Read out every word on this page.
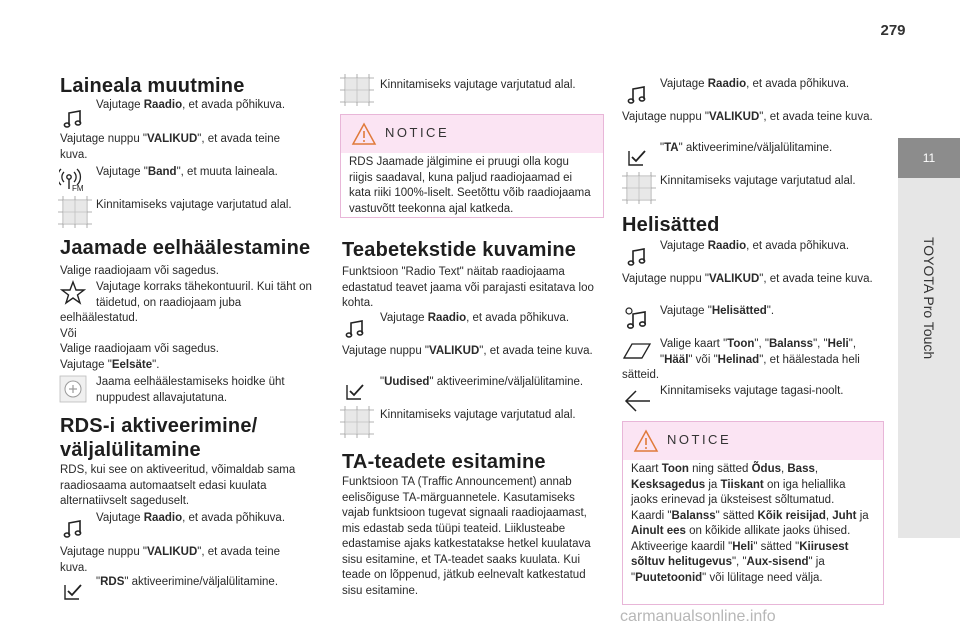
279
11
TOYOTA Pro Touch
Laineala muutmine
Vajutage Raadio, et avada põhikuva.
Vajutage nuppu "VALIKUD", et avada teine kuva.
FM
Vajutage "Band", et muuta laineala.
Kinnitamiseks vajutage varjutatud alal.
Jaamade eelhäälestamine
Valige raadiojaam või sagedus.
Vajutage korraks tähekontuuril. Kui täht on täidetud, on raadiojaam juba
eelhäälestatud.
Või
Valige raadiojaam või sagedus.
Vajutage "Eelsäte".
Jaama eelhäälestamiseks hoidke üht nuppudest allavajutatuna.
RDS-i aktiveerimine/
väljalülitamine
RDS, kui see on aktiveeritud, võimaldab sama raadiosaama automaatselt edasi kuulata alternatiivselt sageduselt.
Vajutage Raadio, et avada põhikuva.
Vajutage nuppu "VALIKUD", et avada teine kuva.
"RDS" aktiveerimine/väljalülitamine.
Kinnitamiseks vajutage varjutatud alal.
NOTICE
RDS Jaamade jälgimine ei pruugi olla kogu riigis saadaval, kuna paljud raadiojaamad ei kata riiki 100%-liselt. Seetõttu võib raadiojaama vastuvõtt teekonna ajal katkeda.
Teabetekstide kuvamine
Funktsioon "Radio Text" näitab raadiojaama edastatud teavet jaama või parajasti esitatava loo kohta.
Vajutage Raadio, et avada põhikuva.
Vajutage nuppu "VALIKUD", et avada teine kuva.
"Uudised" aktiveerimine/väljalülitamine.
Kinnitamiseks vajutage varjutatud alal.
TA-teadete esitamine
Funktsioon TA (Traffic Announcement) annab eelisõiguse TA-märguannetele. Kasutamiseks vajab funktsioon tugevat signaali raadiojaamast, mis edastab seda tüüpi teateid. Liiklusteabe edastamise ajaks katkestatakse hetkel kuulatava sisu esitamine, et TA-teadet saaks kuulata. Kui teade on lõppenud, jätkub eelnevalt katkestatud sisu esitamine.
Vajutage Raadio, et avada põhikuva.
Vajutage nuppu "VALIKUD", et avada teine kuva.
"TA" aktiveerimine/väljalülitamine.
Kinnitamiseks vajutage varjutatud alal.
Helisätted
Vajutage Raadio, et avada põhikuva.
Vajutage nuppu "VALIKUD", et avada teine kuva.
Vajutage "Helisätted".
Valige kaart "Toon", "Balanss", "Heli", "Hääl" või "Helinad", et häälestada heli
sätteid.
Kinnitamiseks vajutage tagasi-noolt.
NOTICE
Kaart Toon ning sätted Õdus, Bass, Kesksagedus ja Tiiskant on iga heliallika jaoks erinevad ja üksteisest sõltumatud.
Kaardi "Balanss" sätted Kõik reisijad, Juht ja Ainult ees on kõikide allikate jaoks ühised.
Aktiveerige kaardil "Heli" sätted "Kiirusest sõltuv helitugevus", "Aux-sisend" ja "Puutetoonid" või lülitage need välja.
carmanualsonline.info
